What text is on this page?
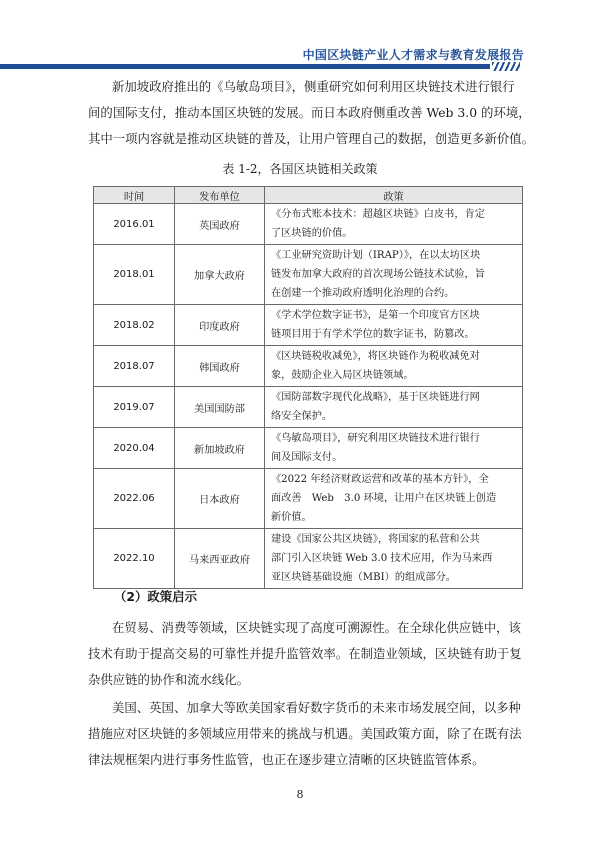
中国区块链产业人才需求与教育发展报告

新加坡政府推出的《乌敏岛项目》，侧重研究如何利用区块链技术进行银行
间的国际支付，推动本国区块链的发展。而日本政府侧重改善 Web 3.0 的环境，
其中一项内容就是推动区块链的普及，让用户管理自己的数据，创造更多新价值。

表 1-2，各国区块链相关政策
时间	发布单位	政策
2016.01	英国政府	《分布式账本技术：超越区块链》白皮书，肯定
了区块链的价值。

2018.01	加拿大政府	《工业研究资助计划（IRAP）》，在以太坊区块
链发布加拿大政府的首次现场公链技术试验，旨
在创建一个推动政府透明化治理的合约。

2018.02	印度政府	《学术学位数字证书》，是第一个印度官方区块
链项目用于有学术学位的数字证书，防篡改。

2018.07	韩国政府	《区块链税收减免》，将区块链作为税收减免对
象，鼓励企业入局区块链领域。

2019.07	美国国防部	《国防部数字现代化战略》，基于区块链进行网
络安全保护。

2020.04	新加坡政府	《乌敏岛项目》，研究利用区块链技术进行银行
间及国际支付。

2022.06	日本政府	《2022 年经济财政运营和改革的基本方针》，全
面改善　Web　3.0 环境，让用户在区块链上创造
新价值。

2022.10	马来西亚政府	建设《国家公共区块链》，将国家的私营和公共
部门引入区块链 Web 3.0 技术应用，作为马来西
亚区块链基础设施（MBI）的组成部分。
（2）政策启示

在贸易、消费等领域，区块链实现了高度可溯源性。在全球化供应链中，该
技术有助于提高交易的可靠性并提升监管效率。在制造业领域，区块链有助于复
杂供应链的协作和流水线化。

美国、英国、加拿大等欧美国家看好数字货币的未来市场发展空间，以多种
措施应对区块链的多领域应用带来的挑战与机遇。美国政策方面，除了在既有法
律法规框架内进行事务性监管，也正在逐步建立清晰的区块链监管体系。

8
